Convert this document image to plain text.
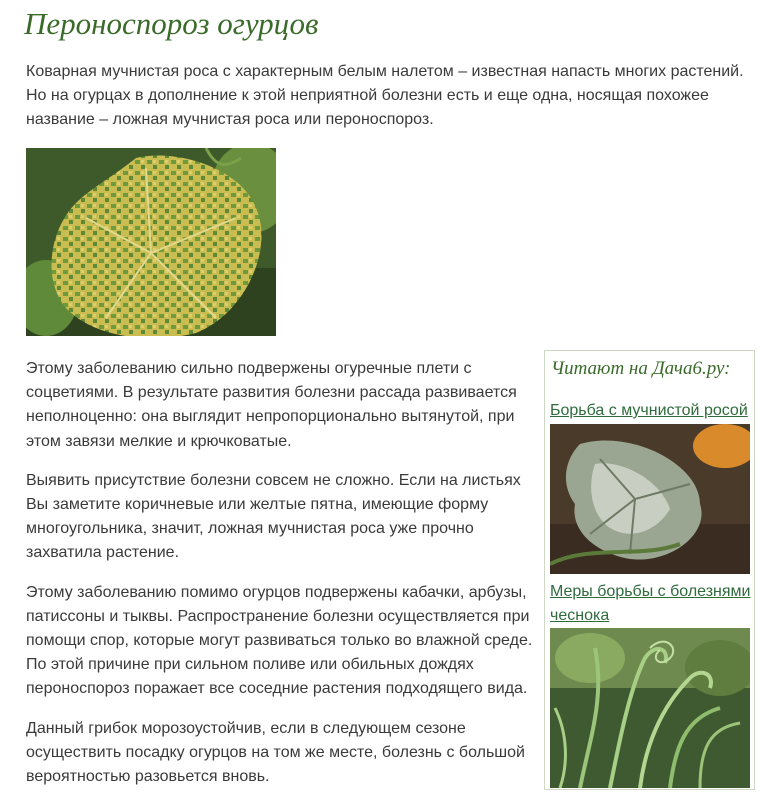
Пероноспороз огурцов

Коварная мучнистая роса с характерным белым налетом – известная напасть многих растений.
Но на огурцах в дополнение к этой неприятной болезни есть и еще одна, носящая похожее
название – ложная мучнистая роса или пероноспороз.

Этому заболеванию сильно подвержены огуречные плети с
соцветиями. В результате развития болезни рассада развивается
неполноценно: она выглядит непропорционально вытянутой, при
этом завязи мелкие и крючковатые.

Выявить присутствие болезни совсем не сложно. Если на листьях
Вы заметите коричневые или желтые пятна, имеющие форму
многоугольника, значит, ложная мучнистая роса уже прочно
захватила растение.

Этому заболеванию помимо огурцов подвержены кабачки, арбузы,
патиссоны и тыквы. Распространение болезни осуществляется при
помощи спор, которые могут развиваться только во влажной среде.
По этой причине при сильном поливе или обильных дождях
пероноспороз поражает все соседние растения подходящего вида.

Данный грибок морозоустойчив, если в следующем сезоне
осуществить посадку огурцов на том же месте, болезнь с большой
вероятностью разовьется вновь.

Читают на Дача6.ру:
Борьба с мучнистой росой
Меры борьбы с болезнями
чеснока
